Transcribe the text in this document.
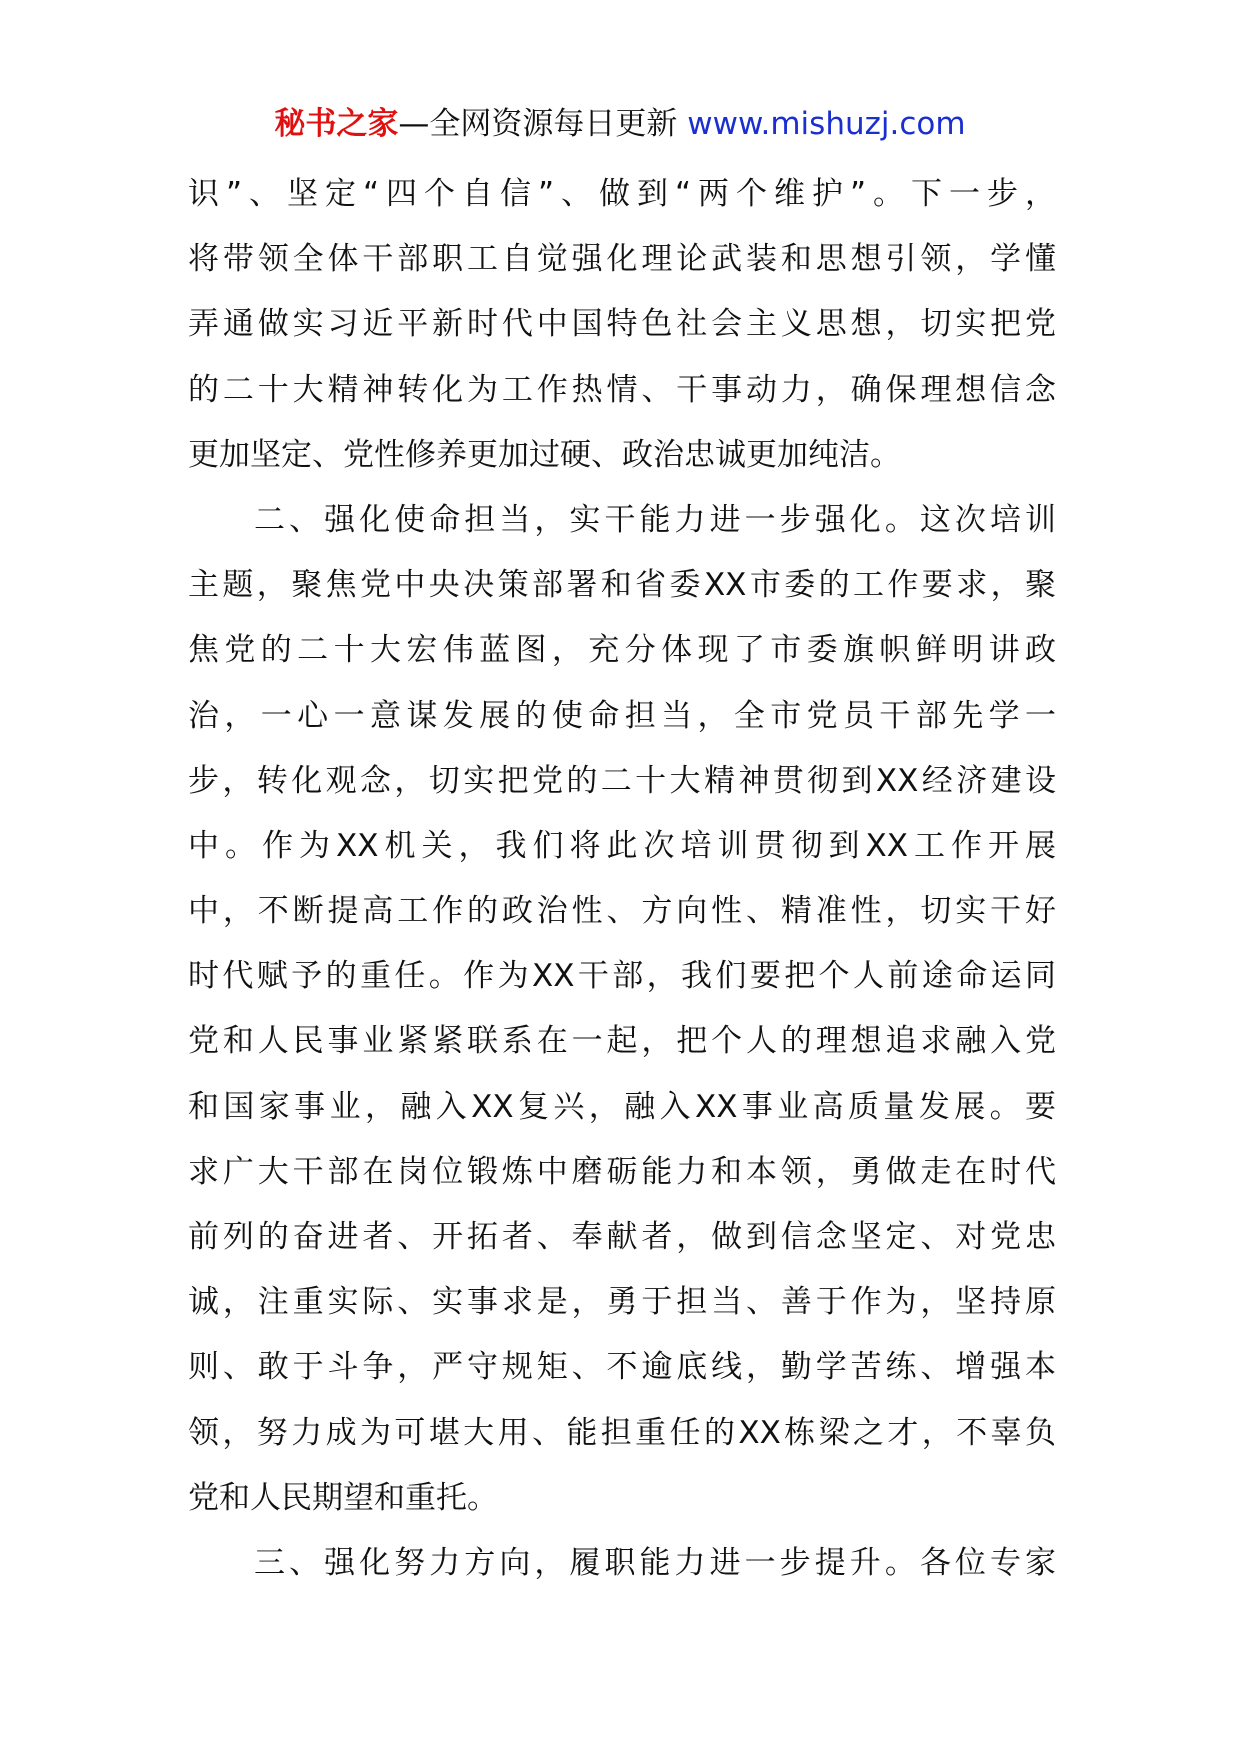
秘书之家—全网资源每日更新 www.mishuzj.com
识”、坚定“四个自信”、做到“两个维护”。下一步，
将带领全体干部职工自觉强化理论武装和思想引领，学懂
弄通做实习近平新时代中国特色社会主义思想，切实把党
的二十大精神转化为工作热情、干事动力，确保理想信念
更加坚定、党性修养更加过硬、政治忠诚更加纯洁。
二、强化使命担当，实干能力进一步强化。这次培训
主题，聚焦党中央决策部署和省委XX市委的工作要求，聚
焦党的二十大宏伟蓝图，充分体现了市委旗帜鲜明讲政
治，一心一意谋发展的使命担当，全市党员干部先学一
步，转化观念，切实把党的二十大精神贯彻到XX经济建设
中。作为XX机关，我们将此次培训贯彻到XX工作开展
中，不断提高工作的政治性、方向性、精准性，切实干好
时代赋予的重任。作为XX干部，我们要把个人前途命运同
党和人民事业紧紧联系在一起，把个人的理想追求融入党
和国家事业，融入XX复兴，融入XX事业高质量发展。要
求广大干部在岗位锻炼中磨砺能力和本领，勇做走在时代
前列的奋进者、开拓者、奉献者，做到信念坚定、对党忠
诚，注重实际、实事求是，勇于担当、善于作为，坚持原
则、敢于斗争，严守规矩、不逾底线，勤学苦练、增强本
领，努力成为可堪大用、能担重任的XX栋梁之才，不辜负
党和人民期望和重托。
三、强化努力方向，履职能力进一步提升。各位专家
